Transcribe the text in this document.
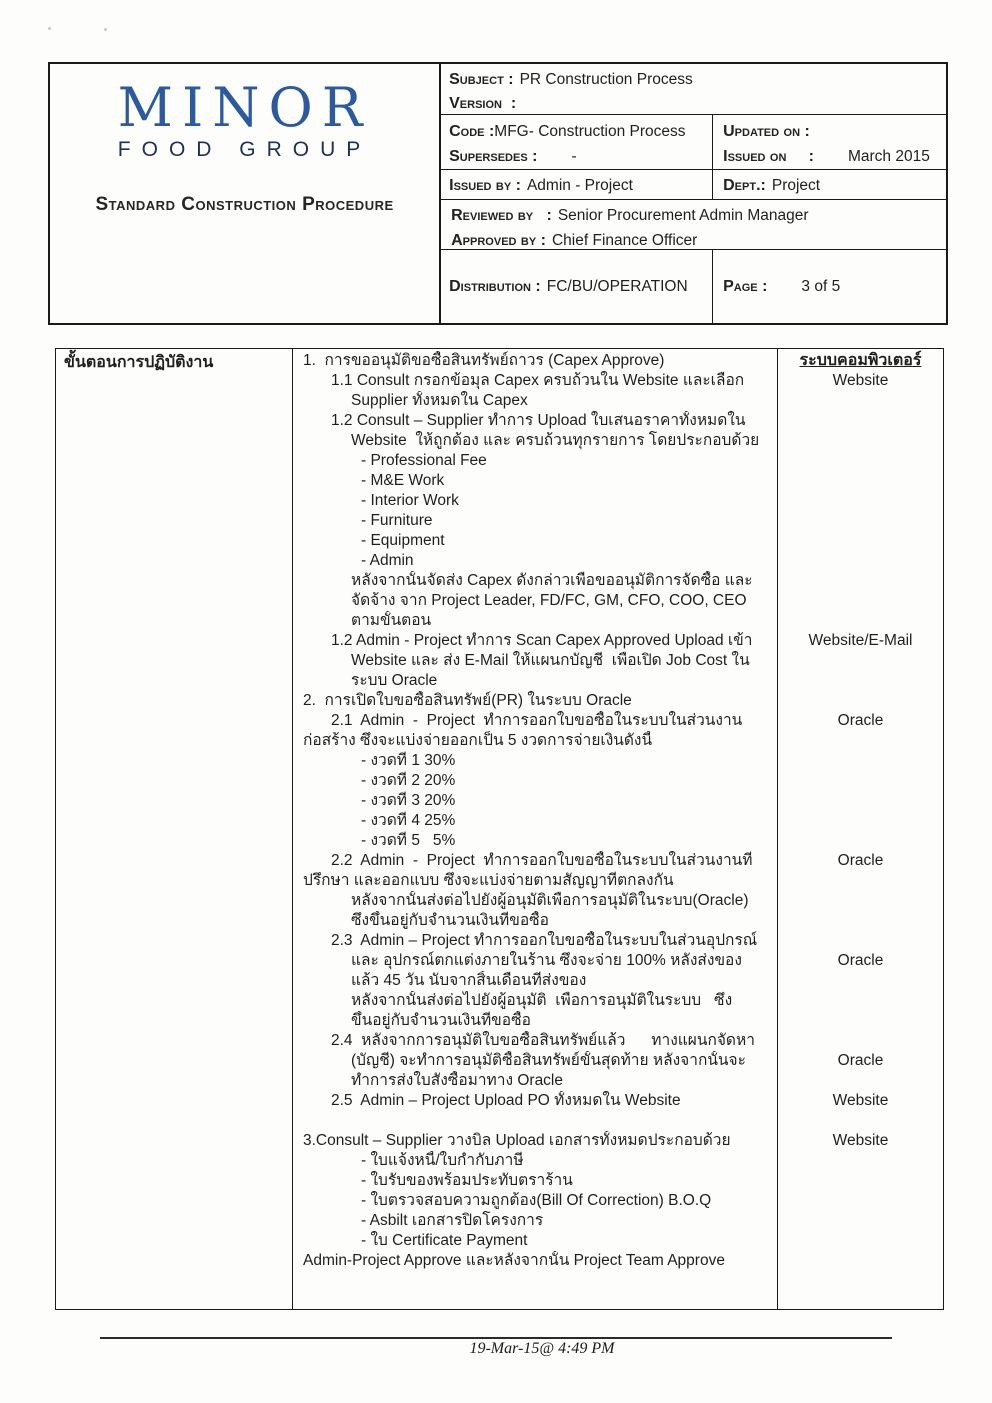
MINOR
FOOD GROUP
Standard Construction Procedure
Subject : PR Construction Process
Version  :
Code : MFG- Construction Process
Supersedes : -
Updated on :
Issued on     : March 2015
Issued by : Admin - Project	Dept.: Project
Reviewed by   : Senior Procurement Admin Manager
Approved by : Chief Finance Officer
Distribution : FC/BU/OPERATION Page : 3 of 5
ขั้นตอนการปฏิบัติงาน	1.  การขออนุมัติขอซื้อสินทรัพย์ถาวร (Capex Approve)
1.1 Consult กรอกข้อมุล Capex ครบถ้วนใน Website และเลือก
Supplier ทั้งหมดใน Capex
1.2 Consult – Supplier ทำการ Upload ใบเสนอราคาทั้งหมดใน
Website  ให้ถูกต้อง และ ครบถ้วนทุกรายการ โดยประกอบด้วย
- Professional Fee
- M&E Work
- Interior Work
- Furniture
- Equipment
- Admin
หลังจากนั้นจัดส่ง Capex ดังกล่าวเพื่อขออนุมัติการจัดซื้อ และ
จัดจ้าง จาก Project Leader, FD/FC, GM, CFO, COO, CEO
ตามขั้นตอน
1.2 Admin - Project ทำการ Scan Capex Approved Upload เข้า
Website และ ส่ง E-Mail ให้แผนกบัญชี  เพื่อเปิด Job Cost ใน
ระบบ Oracle
2.  การเปิดใบขอซื้อสินทรัพย์(PR) ในระบบ Oracle
2.1  Admin  -  Project  ทำการออกใบขอซื้อในระบบในส่วนงาน
ก่อสร้าง ซึ่งจะแบ่งจ่ายออกเป็น 5 งวดการจ่ายเงินดังนี้
- งวดที่ 1 30%
- งวดที่ 2 20%
- งวดที่ 3 20%
- งวดที่ 4 25%
- งวดที่ 5   5%
2.2  Admin  -  Project  ทำการออกใบขอซื้อในระบบในส่วนงานที่
ปรึกษา และออกแบบ ซึ่งจะแบ่งจ่ายตามสัญญาที่ตกลงกัน
หลังจากนั้นส่งต่อไปยังผู้อนุมัติเพื่อการอนุมัติในระบบ(Oracle)
ซึ่งขึ้นอยู่กับจำนวนเงินที่ขอซื้อ
2.3  Admin – Project ทำการออกใบขอซื้อในระบบในส่วนอุปกรณ์
และ อุปกรณ์ตกแต่งภายในร้าน ซึ่งจะจ่าย 100% หลังส่งของ
แล้ว 45 วัน นับจากสิ้นเดือนที่ส่งของ
หลังจากนั้นส่งต่อไปยังผู้อนุมัติ  เพื่อการอนุมัติในระบบ   ซึ่ง
ขึ้นอยู่กับจำนวนเงินที่ขอซื้อ
2.4  หลังจากการอนุมัติใบขอซื้อสินทรัพย์แล้ว      ทางแผนกจัดหา
(บัญชี) จะทำการอนุมัติซื้อสินทรัพย์ขั้นสุดท้าย หลังจากนั้นจะ
ทำการส่งใบสั่งซื้อมาทาง Oracle
2.5  Admin – Project Upload PO ทั้งหมดใน Website

3.Consult – Supplier วางบิล Upload เอกสารทั้งหมดประกอบด้วย
- ใบแจ้งหนี้/ใบกำกับภาษี
- ใบรับของพร้อมประทับตราร้าน
- ใบตรวจสอบความถูกต้อง(Bill Of Correction) B.O.Q
- Asbilt เอกสารปิดโครงการ
- ใบ Certificate Payment
Admin-Project Approve และหลังจากนั้น Project Team Approve
ระบบคอมพิวเตอร์
Website
Website/E-Mail
Oracle
Oracle
Oracle
Oracle
Website
Website
19-Mar-15@ 4:49 PM
